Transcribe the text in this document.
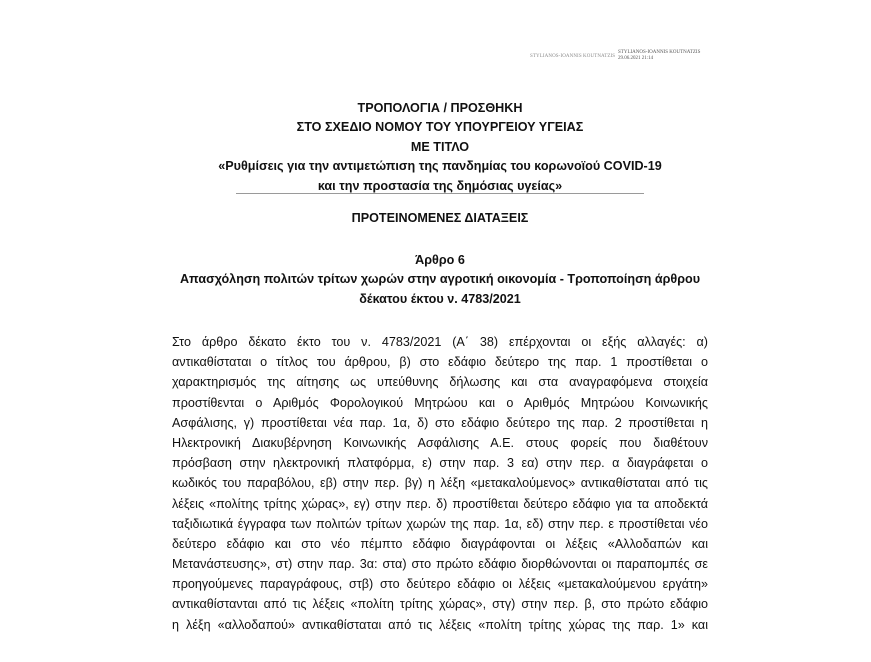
STYLIANOS-IOANNIS KOUTNATZIS
STYLIANOS-IOANNIS KOUTNATZIS
29.06.2021 21:14
ΤΡΟΠΟΛΟΓΙΑ / ΠΡΟΣΘΗΚΗ
ΣΤΟ ΣΧΕΔΙΟ ΝΟΜΟΥ ΤΟΥ ΥΠΟΥΡΓΕΙΟΥ ΥΓΕΙΑΣ
ΜΕ ΤΙΤΛΟ
«Ρυθμίσεις για την αντιμετώπιση της πανδημίας του κορωνοϊού COVID-19
και την προστασία της δημόσιας υγείας»
ΠΡΟΤΕΙΝΟΜΕΝΕΣ ΔΙΑΤΑΞΕΙΣ
Άρθρο 6
Απασχόληση πολιτών τρίτων χωρών στην αγροτική οικονομία - Τροποποίηση άρθρου
δέκατου έκτου ν. 4783/2021
Στο άρθρο δέκατο έκτο του ν. 4783/2021 (Α΄ 38) επέρχονται οι εξής αλλαγές: α)
αντικαθίσταται ο τίτλος του άρθρου, β) στο εδάφιο δεύτερο της παρ. 1 προστίθεται ο
χαρακτηρισμός της αίτησης ως υπεύθυνης δήλωσης και στα αναγραφόμενα στοιχεία
προστίθενται ο Αριθμός Φορολογικού Μητρώου και ο Αριθμός Μητρώου Κοινωνικής
Ασφάλισης, γ) προστίθεται νέα παρ. 1α, δ) στο εδάφιο δεύτερο της παρ. 2 προστίθεται η
Ηλεκτρονική Διακυβέρνηση Κοινωνικής Ασφάλισης Α.Ε. στους φορείς που διαθέτουν
πρόσβαση στην ηλεκτρονική πλατφόρμα, ε) στην παρ. 3 εα) στην περ. α διαγράφεται ο
κωδικός του παραβόλου, εβ) στην περ. βγ) η λέξη «μετακαλούμενος» αντικαθίσταται από τις
λέξεις «πολίτης τρίτης χώρας», εγ) στην περ. δ) προστίθεται δεύτερο εδάφιο για τα αποδεκτά
ταξιδιωτικά έγγραφα των πολιτών τρίτων χωρών της παρ. 1α, εδ) στην περ. ε προστίθεται νέο
δεύτερο εδάφιο και στο νέο πέμπτο εδάφιο διαγράφονται οι λέξεις «Αλλοδαπών και
Μετανάστευσης», στ) στην παρ. 3α: στα) στο πρώτο εδάφιο διορθώνονται οι παραπομπές σε
προηγούμενες παραγράφους, στβ) στο δεύτερο εδάφιο οι λέξεις «μετακαλούμενου εργάτη»
αντικαθίστανται από τις λέξεις «πολίτη τρίτης χώρας», στγ) στην περ. β, στο πρώτο εδάφιο
η λέξη «αλλοδαπού» αντικαθίσταται από τις λέξεις «πολίτη τρίτης χώρας της παρ. 1» και
